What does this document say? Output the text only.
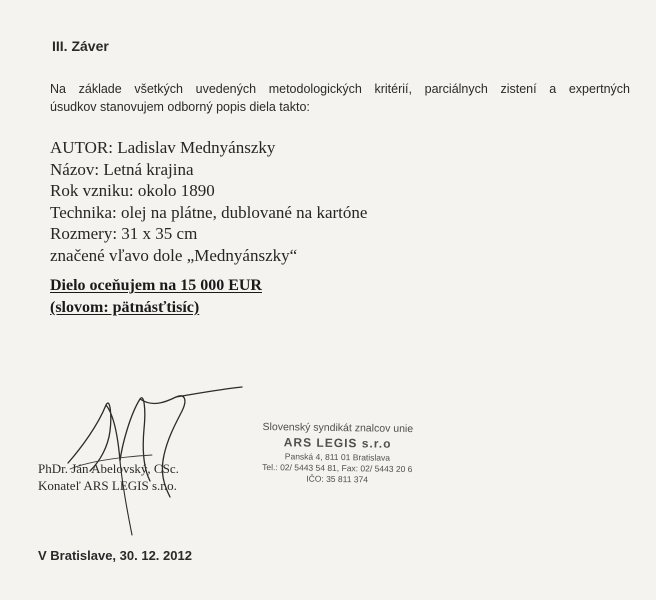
III. Záver
Na základe všetkých uvedených metodologických kritérií, parciálnych zistení a expertných
úsudkov stanovujem odborný popis diela takto:
AUTOR: Ladislav Mednyánszky
Názov: Letná krajina
Rok vzniku: okolo 1890
Technika: olej na plátne, dublované na kartóne
Rozmery: 31 x 35 cm
značené vľavo dole „Mednyánszky“
Dielo oceňujem na 15 000 EUR
(slovom: pätnásťtisíc)
PhDr. Ján Abelovský, CSc.
Konateľ ARS LEGIS s.r.o.
Slovenský syndikát znalcov unie
ARS LEGIS s.r.o
Panská 4, 811 01 Bratislava
Tel.: 02/ 5443 54 81, Fax: 02/ 5443 20 6
IČO: 35 811 374
V Bratislave, 30. 12. 2012
